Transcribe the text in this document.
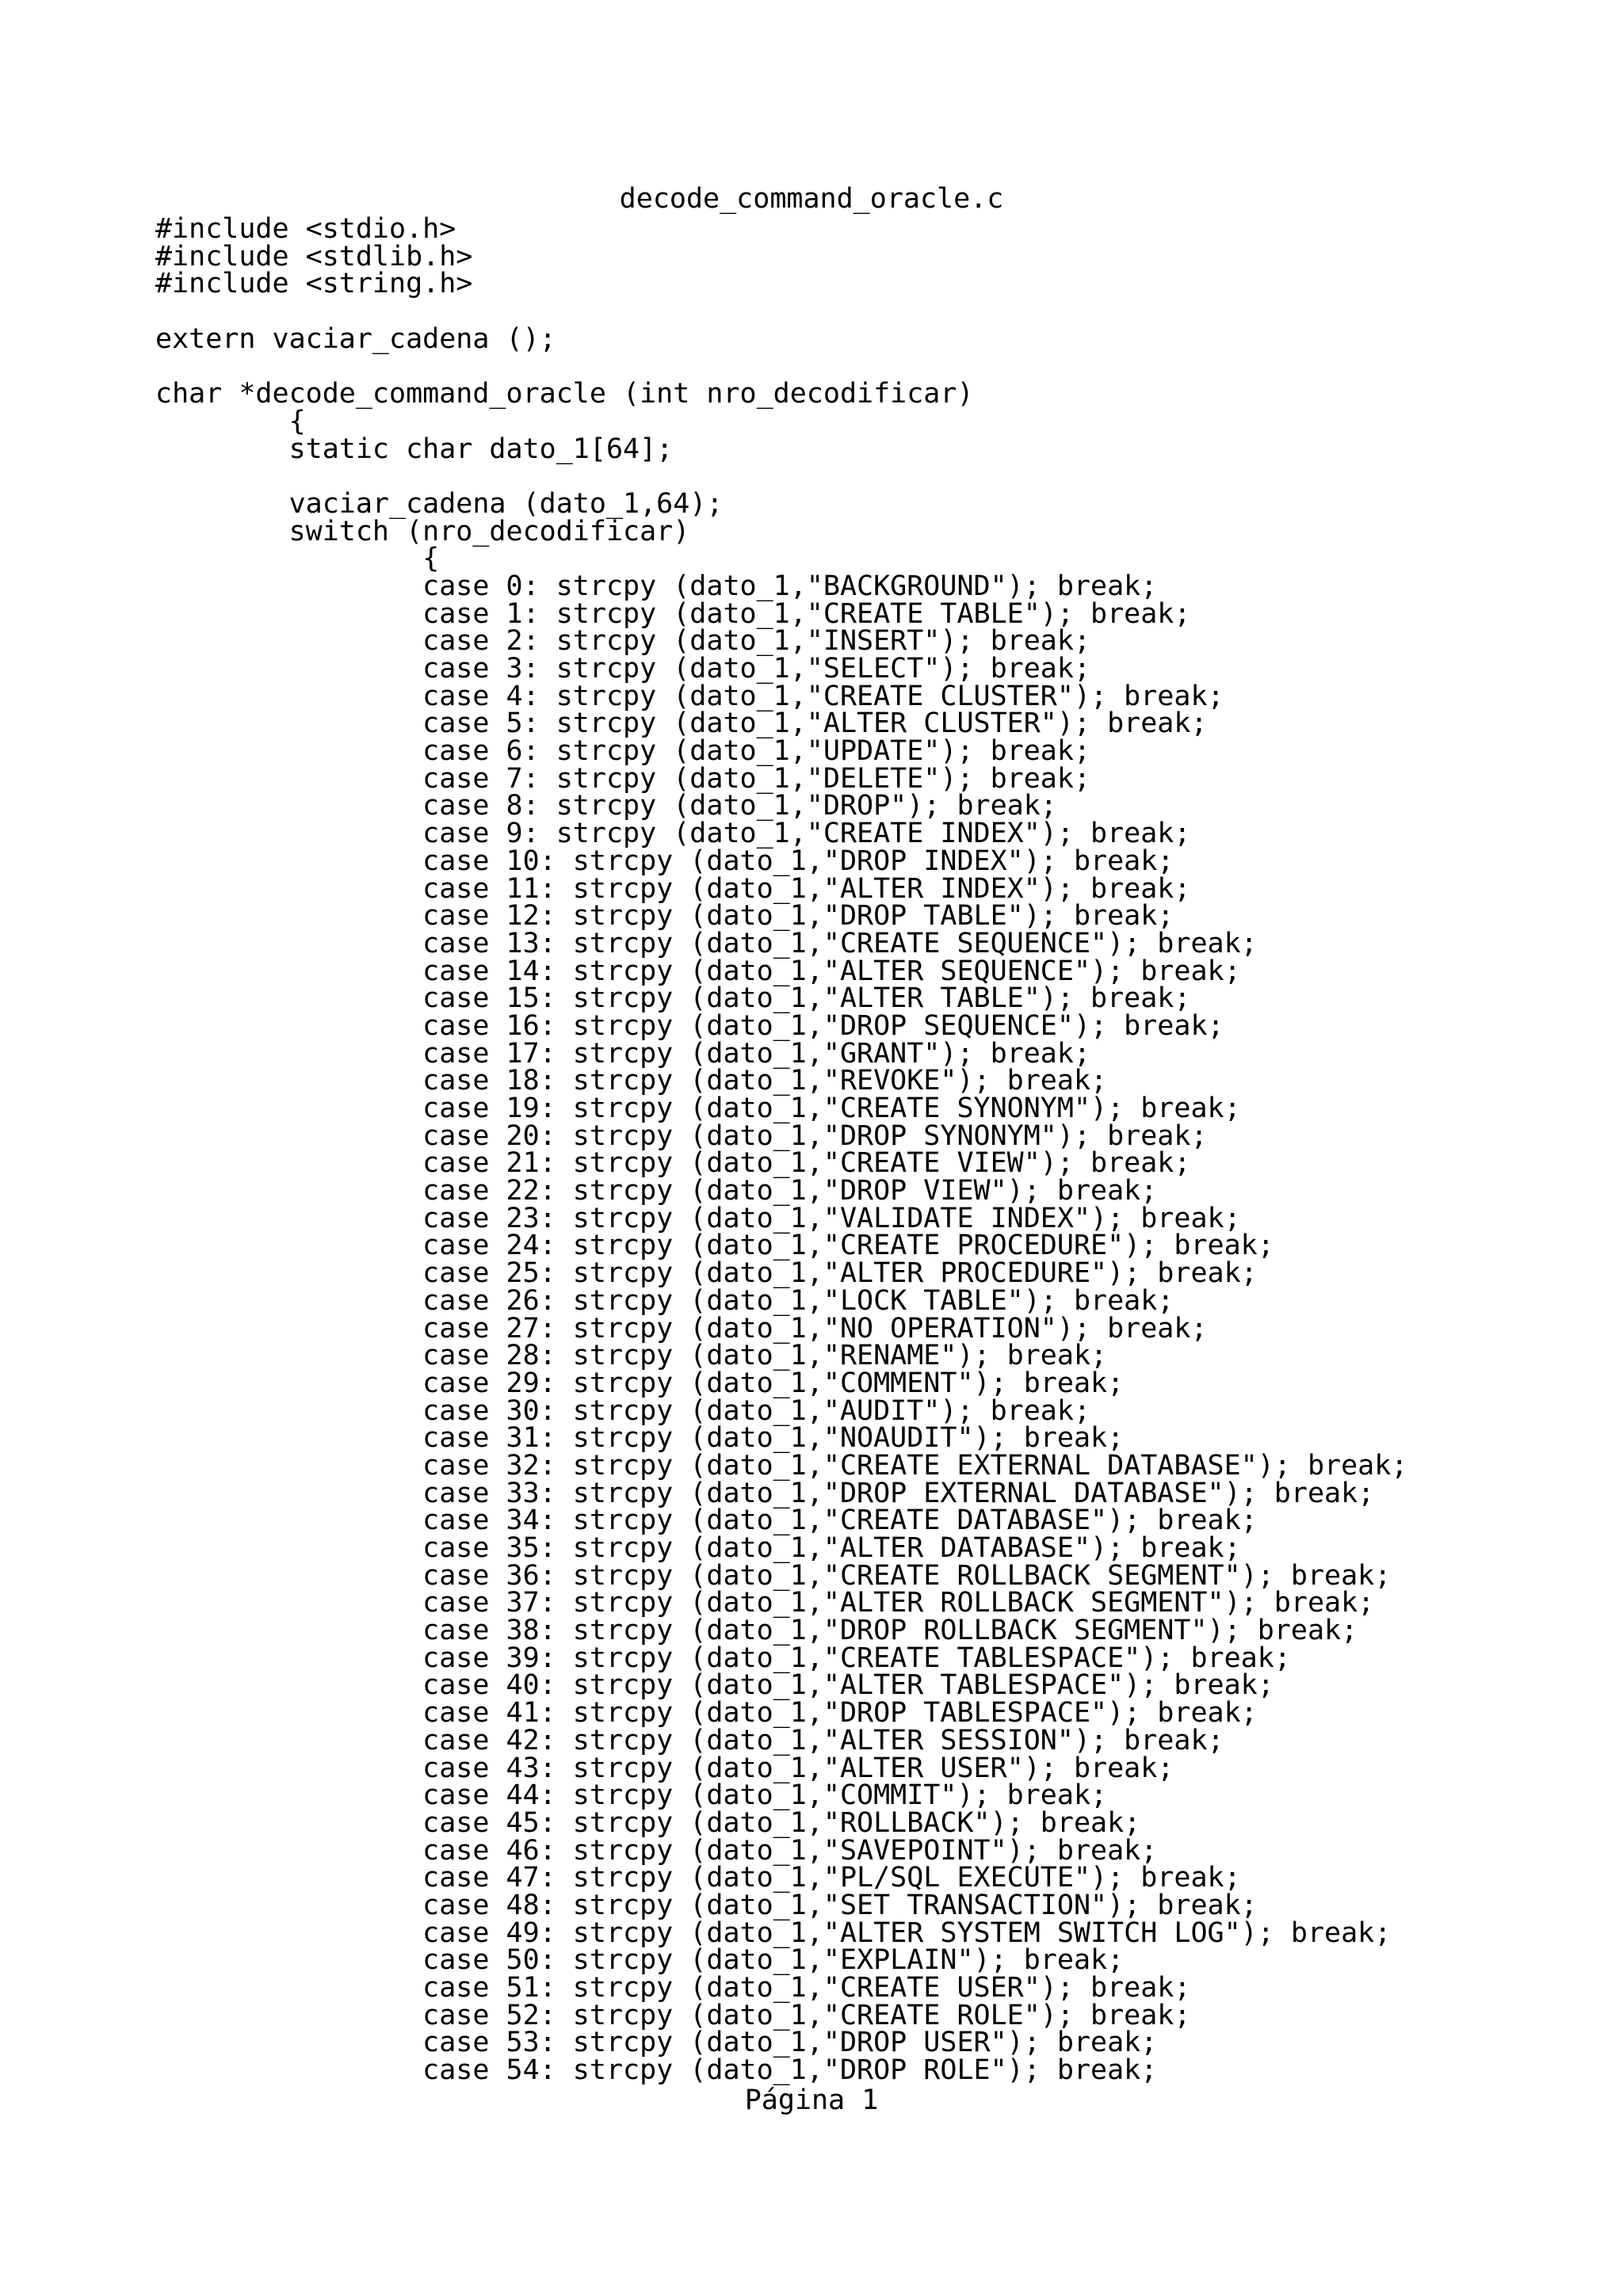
decode_command_oracle.c
#include <stdio.h>
#include <stdlib.h>
#include <string.h>
extern vaciar_cadena ();
char *decode_command_oracle (int nro_decodificar)
{
static char dato_1[64];
vaciar_cadena (dato_1,64);
switch (nro_decodificar)
{
case 0: strcpy (dato_1,"BACKGROUND"); break;
case 1: strcpy (dato_1,"CREATE TABLE"); break;
case 2: strcpy (dato_1,"INSERT"); break;
case 3: strcpy (dato_1,"SELECT"); break;
case 4: strcpy (dato_1,"CREATE CLUSTER"); break;
case 5: strcpy (dato_1,"ALTER CLUSTER"); break;
case 6: strcpy (dato_1,"UPDATE"); break;
case 7: strcpy (dato_1,"DELETE"); break;
case 8: strcpy (dato_1,"DROP"); break;
case 9: strcpy (dato_1,"CREATE INDEX"); break;
case 10: strcpy (dato_1,"DROP INDEX"); break;
case 11: strcpy (dato_1,"ALTER INDEX"); break;
case 12: strcpy (dato_1,"DROP TABLE"); break;
case 13: strcpy (dato_1,"CREATE SEQUENCE"); break;
case 14: strcpy (dato_1,"ALTER SEQUENCE"); break;
case 15: strcpy (dato_1,"ALTER TABLE"); break;
case 16: strcpy (dato_1,"DROP SEQUENCE"); break;
case 17: strcpy (dato_1,"GRANT"); break;
case 18: strcpy (dato_1,"REVOKE"); break;
case 19: strcpy (dato_1,"CREATE SYNONYM"); break;
case 20: strcpy (dato_1,"DROP SYNONYM"); break;
case 21: strcpy (dato_1,"CREATE VIEW"); break;
case 22: strcpy (dato_1,"DROP VIEW"); break;
case 23: strcpy (dato_1,"VALIDATE INDEX"); break;
case 24: strcpy (dato_1,"CREATE PROCEDURE"); break;
case 25: strcpy (dato_1,"ALTER PROCEDURE"); break;
case 26: strcpy (dato_1,"LOCK TABLE"); break;
case 27: strcpy (dato_1,"NO OPERATION"); break;
case 28: strcpy (dato_1,"RENAME"); break;
case 29: strcpy (dato_1,"COMMENT"); break;
case 30: strcpy (dato_1,"AUDIT"); break;
case 31: strcpy (dato_1,"NOAUDIT"); break;
case 32: strcpy (dato_1,"CREATE EXTERNAL DATABASE"); break;
case 33: strcpy (dato_1,"DROP EXTERNAL DATABASE"); break;
case 34: strcpy (dato_1,"CREATE DATABASE"); break;
case 35: strcpy (dato_1,"ALTER DATABASE"); break;
case 36: strcpy (dato_1,"CREATE ROLLBACK SEGMENT"); break;
case 37: strcpy (dato_1,"ALTER ROLLBACK SEGMENT"); break;
case 38: strcpy (dato_1,"DROP ROLLBACK SEGMENT"); break;
case 39: strcpy (dato_1,"CREATE TABLESPACE"); break;
case 40: strcpy (dato_1,"ALTER TABLESPACE"); break;
case 41: strcpy (dato_1,"DROP TABLESPACE"); break;
case 42: strcpy (dato_1,"ALTER SESSION"); break;
case 43: strcpy (dato_1,"ALTER USER"); break;
case 44: strcpy (dato_1,"COMMIT"); break;
case 45: strcpy (dato_1,"ROLLBACK"); break;
case 46: strcpy (dato_1,"SAVEPOINT"); break;
case 47: strcpy (dato_1,"PL/SQL EXECUTE"); break;
case 48: strcpy (dato_1,"SET TRANSACTION"); break;
case 49: strcpy (dato_1,"ALTER SYSTEM SWITCH LOG"); break;
case 50: strcpy (dato_1,"EXPLAIN"); break;
case 51: strcpy (dato_1,"CREATE USER"); break;
case 52: strcpy (dato_1,"CREATE ROLE"); break;
case 53: strcpy (dato_1,"DROP USER"); break;
case 54: strcpy (dato_1,"DROP ROLE"); break;
Página 1
